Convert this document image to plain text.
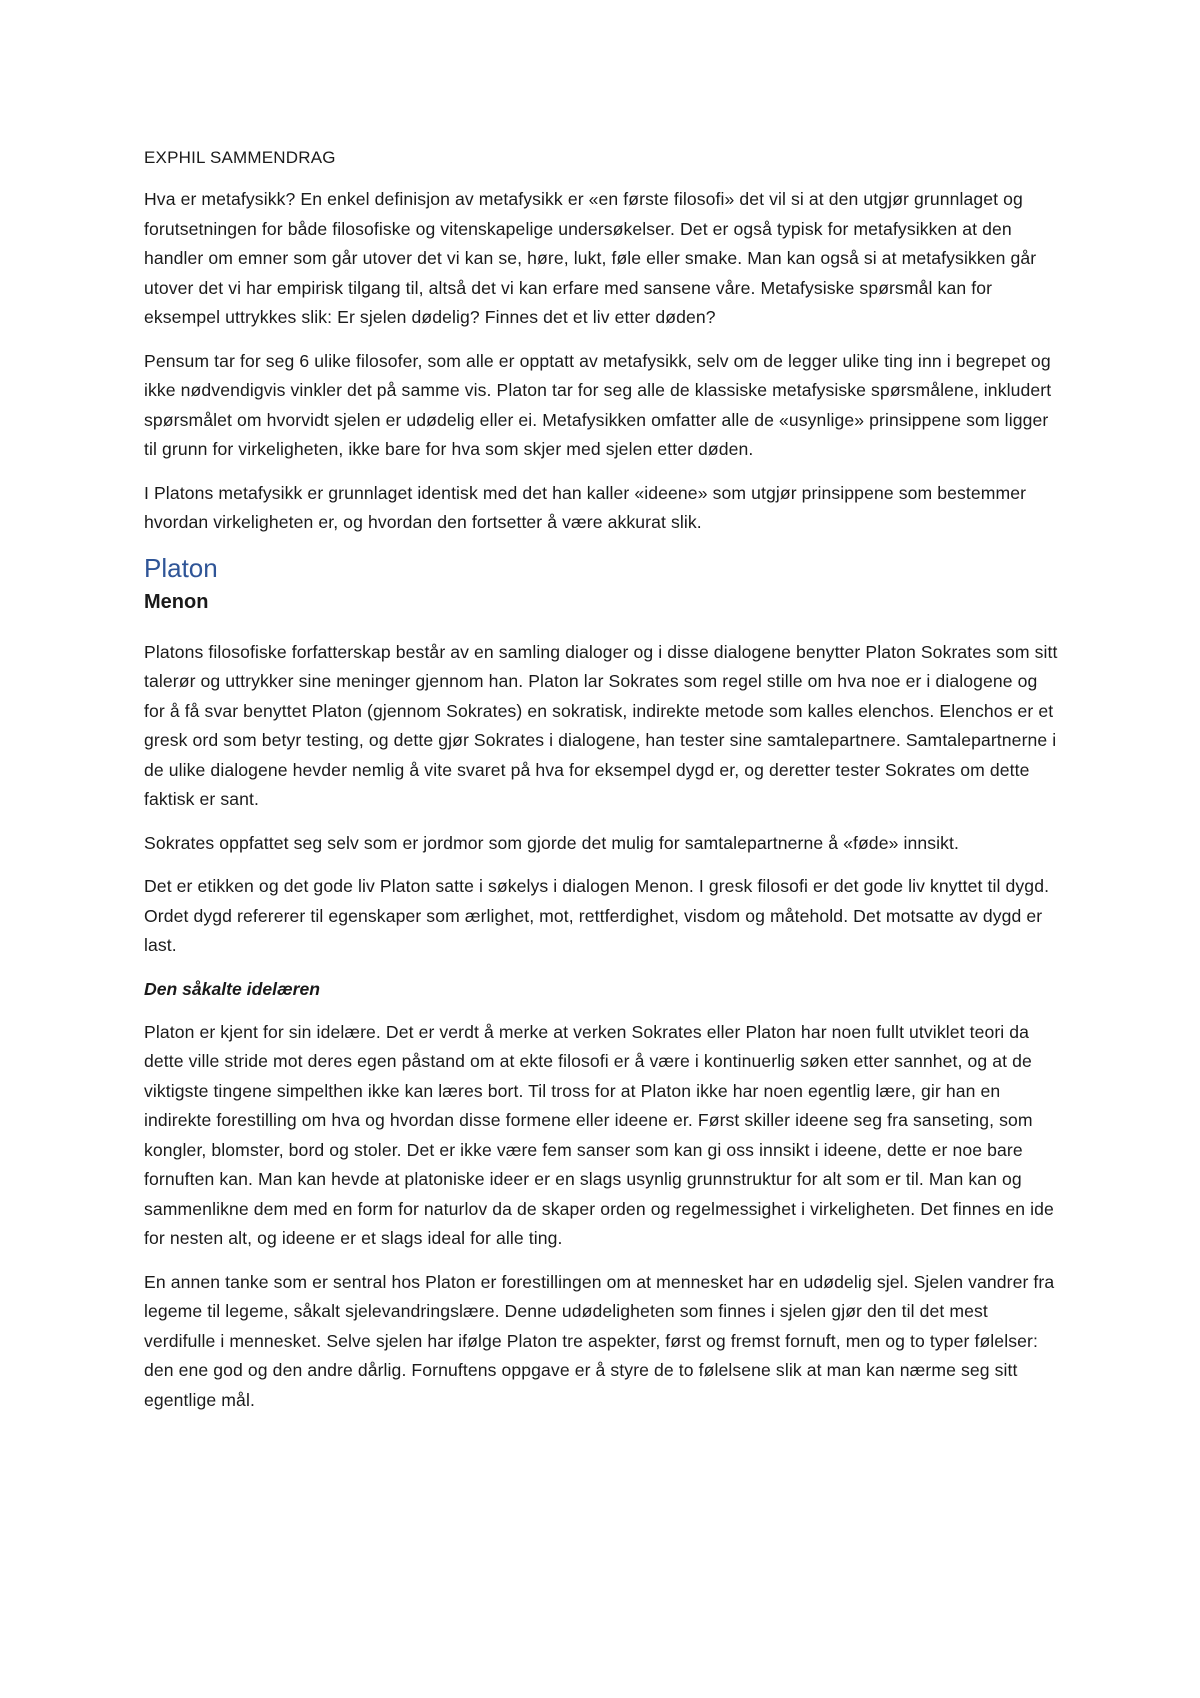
EXPHIL SAMMENDRAG

Hva er metafysikk? En enkel definisjon av metafysikk er «en første filosofi» det vil si at den utgjør grunnlaget og forutsetningen for både filosofiske og vitenskapelige undersøkelser. Det er også typisk for metafysikken at den handler om emner som går utover det vi kan se, høre, lukt, føle eller smake. Man kan også si at metafysikken går utover det vi har empirisk tilgang til, altså det vi kan erfare med sansene våre. Metafysiske spørsmål kan for eksempel uttrykkes slik: Er sjelen dødelig? Finnes det et liv etter døden?

Pensum tar for seg 6 ulike filosofer, som alle er opptatt av metafysikk, selv om de legger ulike ting inn i begrepet og ikke nødvendigvis vinkler det på samme vis. Platon tar for seg alle de klassiske metafysiske spørsmålene, inkludert spørsmålet om hvorvidt sjelen er udødelig eller ei. Metafysikken omfatter alle de «usynlige» prinsippene som ligger til grunn for virkeligheten, ikke bare for hva som skjer med sjelen etter døden.

I Platons metafysikk er grunnlaget identisk med det han kaller «ideene» som utgjør prinsippene som bestemmer hvordan virkeligheten er, og hvordan den fortsetter å være akkurat slik.

Platon
Menon

Platons filosofiske forfatterskap består av en samling dialoger og i disse dialogene benytter Platon Sokrates som sitt talerør og uttrykker sine meninger gjennom han. Platon lar Sokrates som regel stille om hva noe er i dialogene og for å få svar benyttet Platon (gjennom Sokrates) en sokratisk, indirekte metode som kalles elenchos. Elenchos er et gresk ord som betyr testing, og dette gjør Sokrates i dialogene, han tester sine samtalepartnere. Samtalepartnerne i de ulike dialogene hevder nemlig å vite svaret på hva for eksempel dygd er, og deretter tester Sokrates om dette faktisk er sant.

Sokrates oppfattet seg selv som er jordmor som gjorde det mulig for samtalepartnerne å «føde» innsikt.

Det er etikken og det gode liv Platon satte i søkelys i dialogen Menon. I gresk filosofi er det gode liv knyttet til dygd. Ordet dygd refererer til egenskaper som ærlighet, mot, rettferdighet, visdom og måtehold. Det motsatte av dygd er last.

Den såkalte idelæren

Platon er kjent for sin idelære. Det er verdt å merke at verken Sokrates eller Platon har noen fullt utviklet teori da dette ville stride mot deres egen påstand om at ekte filosofi er å være i kontinuerlig søken etter sannhet, og at de viktigste tingene simpelthen ikke kan læres bort. Til tross for at Platon ikke har noen egentlig lære, gir han en indirekte forestilling om hva og hvordan disse formene eller ideene er. Først skiller ideene seg fra sanseting, som kongler, blomster, bord og stoler. Det er ikke være fem sanser som kan gi oss innsikt i ideene, dette er noe bare fornuften kan. Man kan hevde at platoniske ideer er en slags usynlig grunnstruktur for alt som er til. Man kan og sammenlikne dem med en form for naturlov da de skaper orden og regelmessighet i virkeligheten. Det finnes en ide for nesten alt, og ideene er et slags ideal for alle ting.

En annen tanke som er sentral hos Platon er forestillingen om at mennesket har en udødelig sjel. Sjelen vandrer fra legeme til legeme, såkalt sjelevandringslære. Denne udødeligheten som finnes i sjelen gjør den til det mest verdifulle i mennesket. Selve sjelen har ifølge Platon tre aspekter, først og fremst fornuft, men og to typer følelser: den ene god og den andre dårlig. Fornuftens oppgave er å styre de to følelsene slik at man kan nærme seg sitt egentlige mål.
